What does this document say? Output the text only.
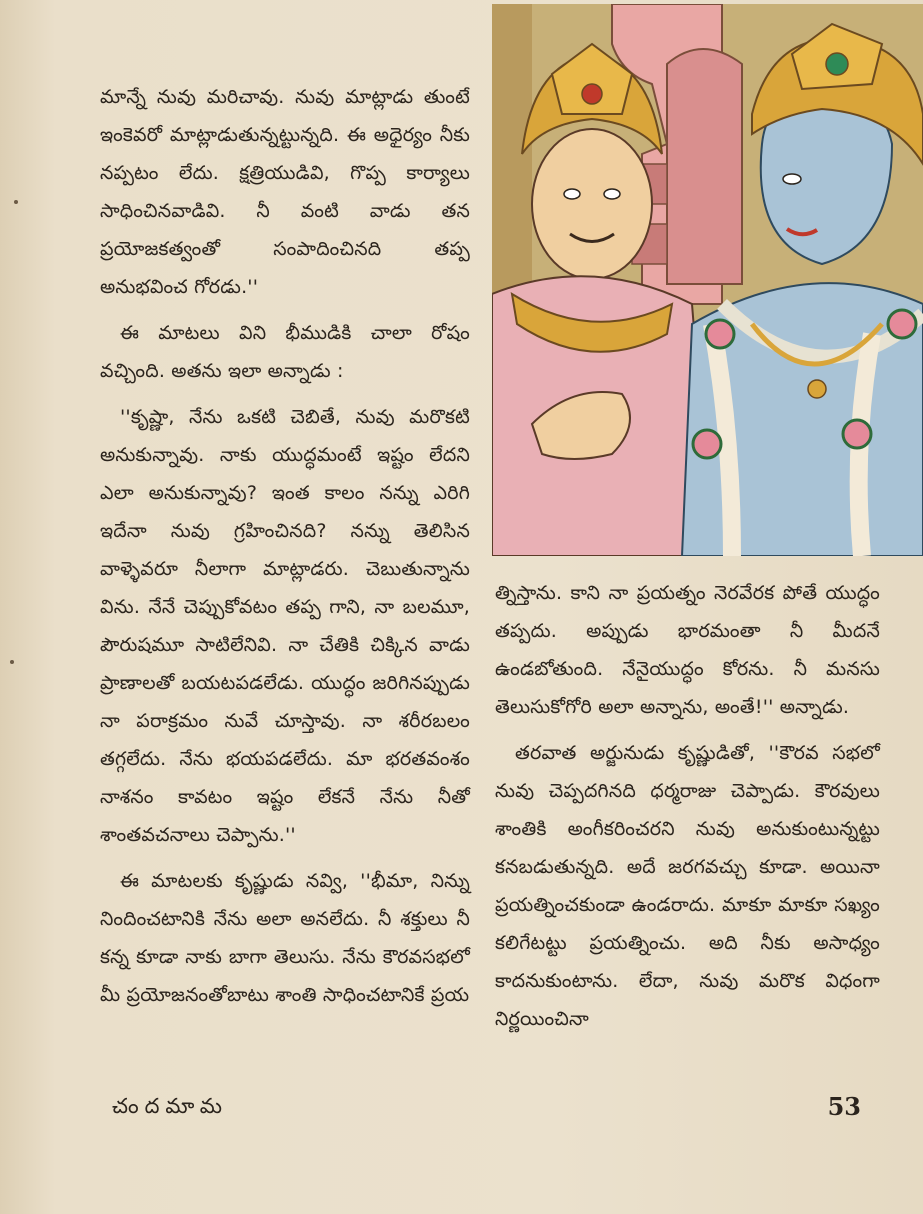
మాన్నే నువు మరిచావు. నువు మాట్లాడు తుంటే ఇంకెవరో మాట్లాడుతున్నట్టున్నది. ఈ అధైర్యం నీకు నప్పటం లేదు. క్షత్రియుడివి, గొప్ప కార్యాలు సాధించినవాడివి. నీ వంటి వాడు తన ప్రయోజకత్వంతో సంపాదించినది తప్ప అనుభవించ గోరడు.''

ఈ మాటలు విని భీముడికి చాలా రోషం వచ్చింది. అతను ఇలా అన్నాడు :

''కృష్ణా, నేను ఒకటి చెబితే, నువు మరొకటి అనుకున్నావు. నాకు యుద్ధమంటే ఇష్టం లేదని ఎలా అనుకున్నావు? ఇంత కాలం నన్ను ఎరిగి ఇదేనా నువు గ్రహించినది? నన్ను తెలిసిన వాళ్ళెవరూ నీలాగా మాట్లాడరు. చెబుతున్నాను విను. నేనే చెప్పుకోవటం తప్ప గాని, నా బలమూ, పౌరుషమూ సాటిలేనివి. నా చేతికి చిక్కిన వాడు ప్రాణాలతో బయటపడలేడు. యుద్ధం జరిగినప్పుడు నా పరాక్రమం నువే చూస్తావు. నా శరీరబలం తగ్గలేదు. నేను భయపడలేదు. మా భరతవంశం నాశనం కావటం ఇష్టం లేకనే నేను నీతో శాంతవచనాలు చెప్పాను.''

ఈ మాటలకు కృష్ణుడు నవ్వి, ''భీమా, నిన్ను నిందించటానికి నేను అలా అనలేదు. నీ శక్తులు నీ కన్న కూడా నాకు బాగా తెలుసు. నేను కౌరవసభలో మీ ప్రయోజనంతోబాటు శాంతి సాధించటానికే ప్రయ

త్నిస్తాను. కాని నా ప్రయత్నం నెరవేరక పోతే యుద్ధం తప్పదు. అప్పుడు భారమంతా నీ మీదనే ఉండబోతుంది. నేనైయుద్ధం కోరను. నీ మనసు తెలుసుకోగోరి అలా అన్నాను, అంతే!'' అన్నాడు.

తరవాత అర్జునుడు కృష్ణుడితో, ''కౌరవ సభలో నువు చెప్పదగినది ధర్మరాజు చెప్పాడు. కౌరవులు శాంతికి అంగీకరించరని నువు అనుకుంటున్నట్టు కనబడుతున్నది. అదే జరగవచ్చు కూడా. అయినా ప్రయత్నించకుండా ఉండరాదు. మాకూ మాకూ సఖ్యం కలిగేటట్టు ప్రయత్నించు. అది నీకు అసాధ్యం కాదనుకుంటాను. లేదా, నువు మరొక విధంగా నిర్ణయించినా

చందమామ	53
